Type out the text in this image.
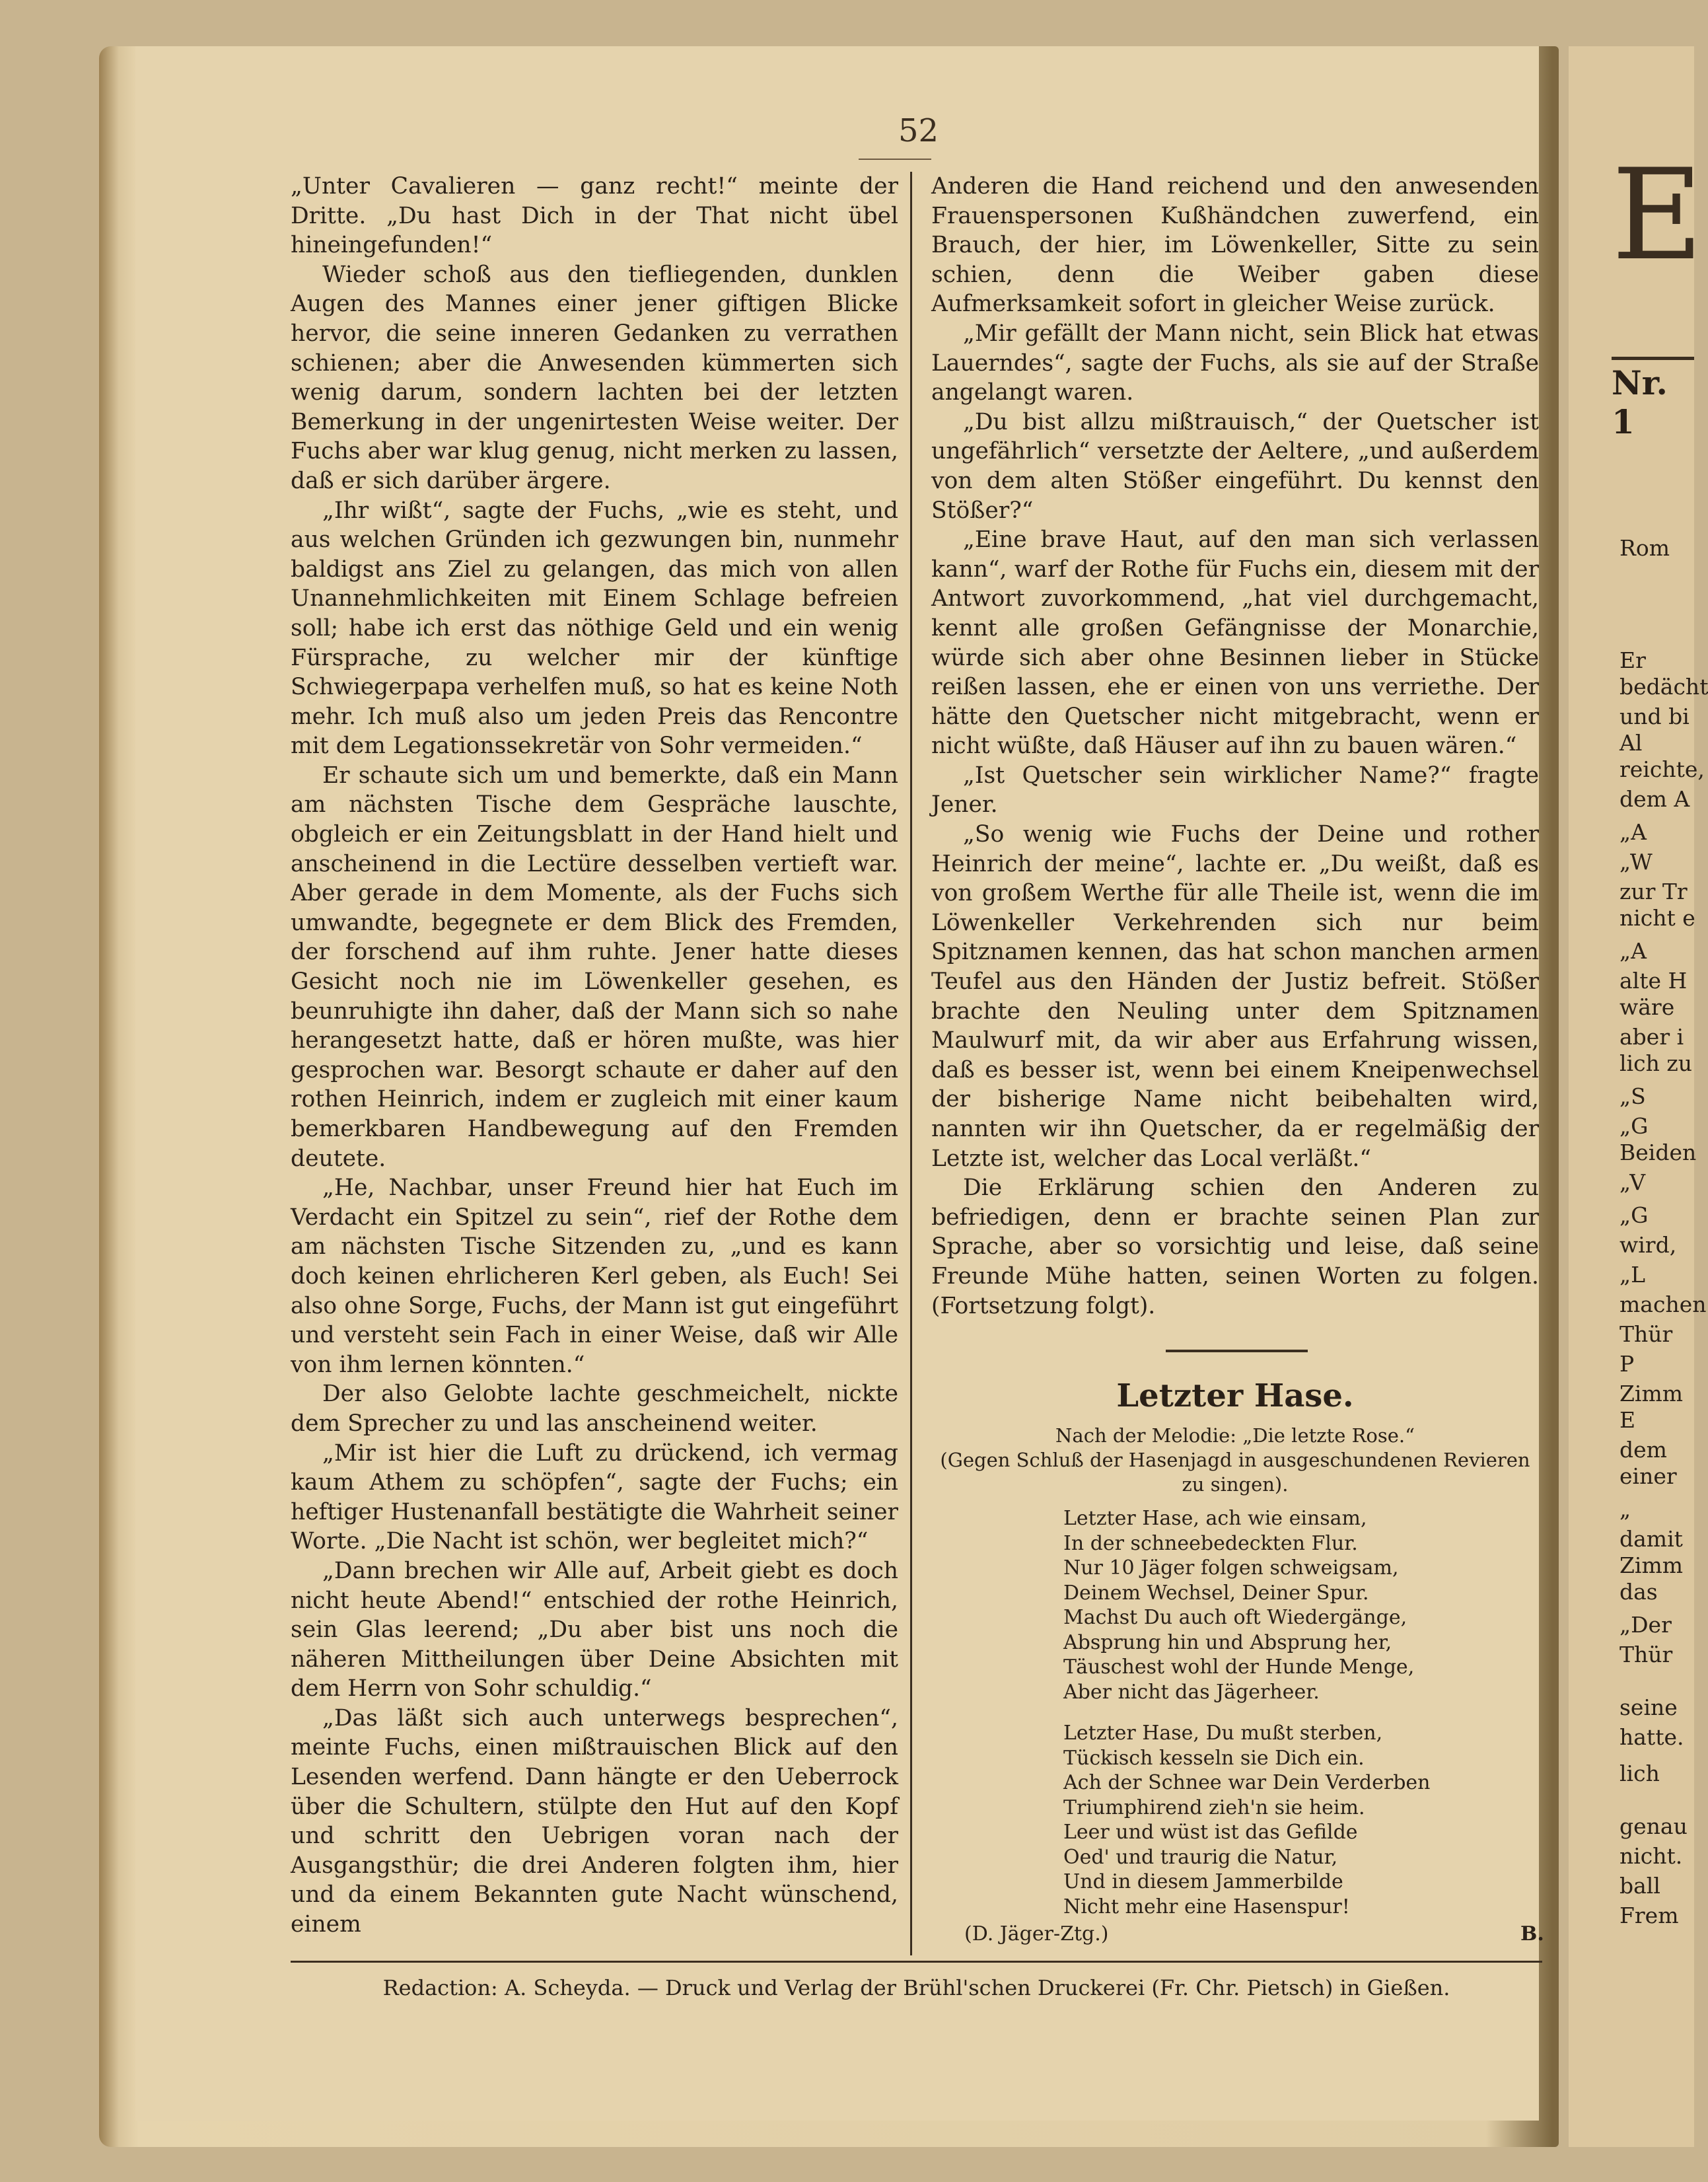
52

„Unter Cavalieren — ganz recht!“ meinte der Dritte. „Du hast Dich in der That nicht übel hineingefunden!“

Wieder schoß aus den tiefliegenden, dunklen Augen des Mannes einer jener giftigen Blicke hervor, die seine inneren Gedanken zu verrathen schienen; aber die Anwesenden kümmerten sich wenig darum, sondern lachten bei der letzten Bemerkung in der ungenirtesten Weise weiter. Der Fuchs aber war klug genug, nicht merken zu lassen, daß er sich darüber ärgere.

„Ihr wißt“, sagte der Fuchs, „wie es steht, und aus welchen Gründen ich gezwungen bin, nunmehr baldigst ans Ziel zu gelangen, das mich von allen Unannehmlichkeiten mit Einem Schlage befreien soll; habe ich erst das nöthige Geld und ein wenig Fürsprache, zu welcher mir der künftige Schwiegerpapa verhelfen muß, so hat es keine Noth mehr. Ich muß also um jeden Preis das Rencontre mit dem Legationssekretär von Sohr vermeiden.“

Er schaute sich um und bemerkte, daß ein Mann am nächsten Tische dem Gespräche lauschte, obgleich er ein Zeitungsblatt in der Hand hielt und anscheinend in die Lectüre desselben vertieft war. Aber gerade in dem Momente, als der Fuchs sich umwandte, begegnete er dem Blick des Fremden, der forschend auf ihm ruhte. Jener hatte dieses Gesicht noch nie im Löwenkeller gesehen, es beunruhigte ihn daher, daß der Mann sich so nahe herangesetzt hatte, daß er hören mußte, was hier gesprochen war. Besorgt schaute er daher auf den rothen Heinrich, indem er zugleich mit einer kaum bemerkbaren Handbewegung auf den Fremden deutete.

„He, Nachbar, unser Freund hier hat Euch im Verdacht ein Spitzel zu sein“, rief der Rothe dem am nächsten Tische Sitzenden zu, „und es kann doch keinen ehrlicheren Kerl geben, als Euch! Sei also ohne Sorge, Fuchs, der Mann ist gut eingeführt und versteht sein Fach in einer Weise, daß wir Alle von ihm lernen könnten.“

Der also Gelobte lachte geschmeichelt, nickte dem Sprecher zu und las anscheinend weiter.

„Mir ist hier die Luft zu drückend, ich vermag kaum Athem zu schöpfen“, sagte der Fuchs; ein heftiger Hustenanfall bestätigte die Wahrheit seiner Worte. „Die Nacht ist schön, wer begleitet mich?“

„Dann brechen wir Alle auf, Arbeit giebt es doch nicht heute Abend!“ entschied der rothe Heinrich, sein Glas leerend; „Du aber bist uns noch die näheren Mittheilungen über Deine Absichten mit dem Herrn von Sohr schuldig.“

„Das läßt sich auch unterwegs besprechen“, meinte Fuchs, einen mißtrauischen Blick auf den Lesenden werfend. Dann hängte er den Ueberrock über die Schultern, stülpte den Hut auf den Kopf und schritt den Uebrigen voran nach der Ausgangsthür; die drei Anderen folgten ihm, hier und da einem Bekannten gute Nacht wünschend, einem

Anderen die Hand reichend und den anwesenden Frauenspersonen Kußhändchen zuwerfend, ein Brauch, der hier, im Löwenkeller, Sitte zu sein schien, denn die Weiber gaben diese Aufmerksamkeit sofort in gleicher Weise zurück.

„Mir gefällt der Mann nicht, sein Blick hat etwas Lauerndes“, sagte der Fuchs, als sie auf der Straße angelangt waren.

„Du bist allzu mißtrauisch,“ der Quetscher ist ungefährlich“ versetzte der Aeltere, „und außerdem von dem alten Stößer eingeführt. Du kennst den Stößer?“

„Eine brave Haut, auf den man sich verlassen kann“, warf der Rothe für Fuchs ein, diesem mit der Antwort zuvorkommend, „hat viel durchgemacht, kennt alle großen Gefängnisse der Monarchie, würde sich aber ohne Besinnen lieber in Stücke reißen lassen, ehe er einen von uns verriethe. Der hätte den Quetscher nicht mitgebracht, wenn er nicht wüßte, daß Häuser auf ihn zu bauen wären.“

„Ist Quetscher sein wirklicher Name?“ fragte Jener.

„So wenig wie Fuchs der Deine und rother Heinrich der meine“, lachte er. „Du weißt, daß es von großem Werthe für alle Theile ist, wenn die im Löwenkeller Verkehrenden sich nur beim Spitznamen kennen, das hat schon manchen armen Teufel aus den Händen der Justiz befreit. Stößer brachte den Neuling unter dem Spitznamen Maulwurf mit, da wir aber aus Erfahrung wissen, daß es besser ist, wenn bei einem Kneipenwechsel der bisherige Name nicht beibehalten wird, nannten wir ihn Quetscher, da er regelmäßig der Letzte ist, welcher das Local verläßt.“

Die Erklärung schien den Anderen zu befriedigen, denn er brachte seinen Plan zur Sprache, aber so vorsichtig und leise, daß seine Freunde Mühe hatten, seinen Worten zu folgen. (Fortsetzung folgt).

Letzter Hase.
Nach der Melodie: „Die letzte Rose.“
(Gegen Schluß der Hasenjagd in ausgeschundenen Revieren
zu singen).
Letzter Hase, ach wie einsam,
In der schneebedeckten Flur.
Nur 10 Jäger folgen schweigsam,
Deinem Wechsel, Deiner Spur.
Machst Du auch oft Wiedergänge,
Absprung hin und Absprung her,
Täuschest wohl der Hunde Menge,
Aber nicht das Jägerheer.
Letzter Hase, Du mußt sterben,
Tückisch kesseln sie Dich ein.
Ach der Schnee war Dein Verderben
Triumphirend zieh'n sie heim.
Leer und wüst ist das Gefilde
Oed' und traurig die Natur,
Und in diesem Jammerbilde
Nicht mehr eine Hasenspur!
(D. Jäger-Ztg.)	B.
Redaction: A. Scheyda. — Druck und Verlag der Brühl'schen Druckerei (Fr. Chr. Pietsch) in Gießen.
E
Nr. 1
Rom
Er
bedächt
und bi
Al
reichte,
dem A
„A
„W
zur Tr
nicht e
„A
alte H
wäre
aber i
lich zu
„S
„G
Beiden
„V
„G
wird,
„L
machen
Thür
P
Zimm
E
dem
einer
„
damit
Zimm
das
„Der
Thür
seine
hatte.
lich
genau
nicht.
ball
Frem
